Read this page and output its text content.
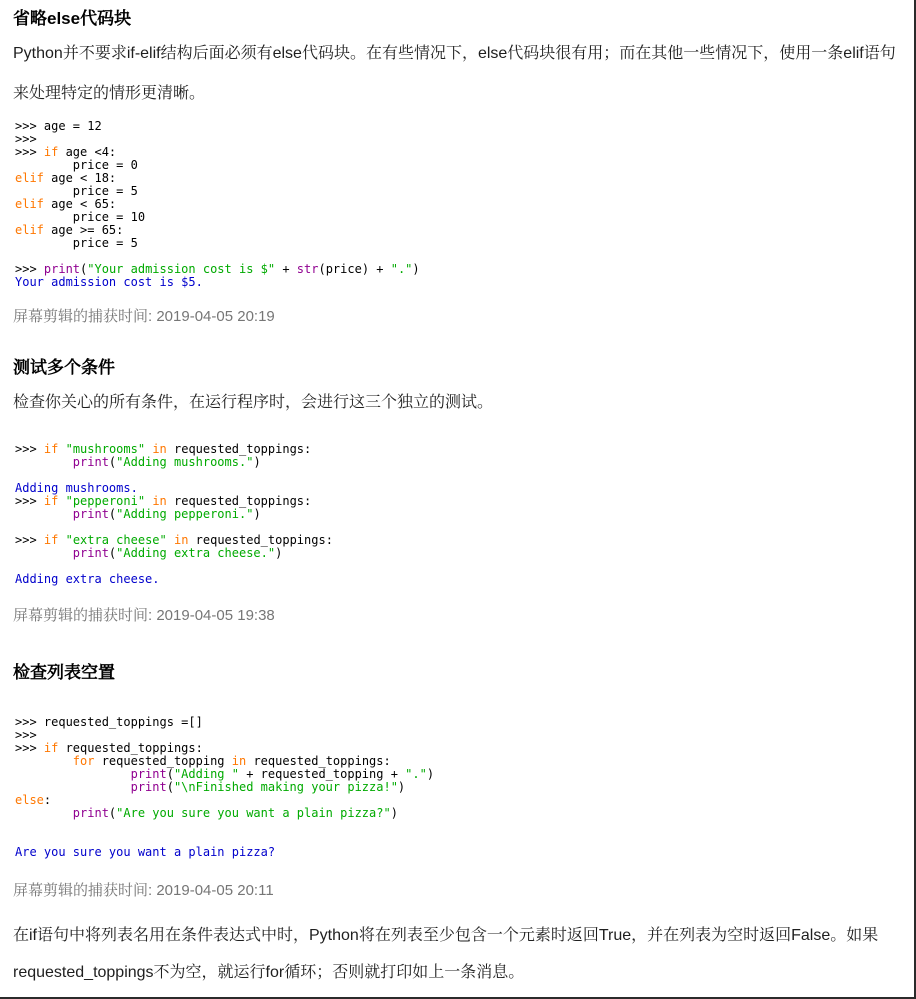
省略else代码块

Python并不要求if-elif结构后面必须有else代码块。在有些情况下，else代码块很有用；而在其他一些情况下，使用一条elif语句来处理特定的情形更清晰。

>>> age = 12
>>>
>>> if age <4:
price = 0
elif age < 18:
price = 5
elif age < 65:
price = 10
elif age >= 65:
price = 5
>>> print("Your admission cost is $" + str(price) + ".")
Your admission cost is $5.
屏幕剪辑的捕获时间: 2019-04-05 20:19
测试多个条件

检查你关心的所有条件，在运行程序时，会进行这三个独立的测试。

>>> if "mushrooms" in requested_toppings:
print("Adding mushrooms.")
Adding mushrooms.
>>> if "pepperoni" in requested_toppings:
print("Adding pepperoni.")
>>> if "extra cheese" in requested_toppings:
print("Adding extra cheese.")
Adding extra cheese.
屏幕剪辑的捕获时间: 2019-04-05 19:38
检查列表空置
>>> requested_toppings =[]
>>>
>>> if requested_toppings:
for requested_topping in requested_toppings:
print("Adding " + requested_topping + ".")
print("\nFinished making your pizza!")
else:
print("Are you sure you want a plain pizza?")
Are you sure you want a plain pizza?
屏幕剪辑的捕获时间: 2019-04-05 20:11

在if语句中将列表名用在条件表达式中时，Python将在列表至少包含一个元素时返回True，并在列表为空时返回False。如果requested_toppings不为空，就运行for循环；否则就打印如上一条消息。
